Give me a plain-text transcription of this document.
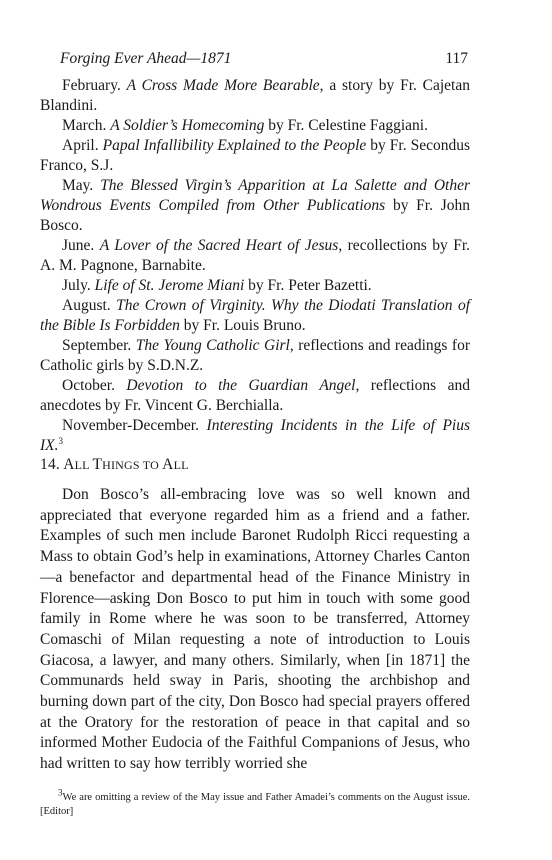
Forging Ever Ahead—1871	117

February. A Cross Made More Bearable, a story by Fr. Cajetan Blandini.

March. A Soldier’s Homecoming by Fr. Celestine Faggiani.

April. Papal Infallibility Explained to the People by Fr. Secondus Franco, S.J.

May. The Blessed Virgin’s Apparition at La Salette and Other Wondrous Events Compiled from Other Publications by Fr. John Bosco.

June. A Lover of the Sacred Heart of Jesus, recollections by Fr. A. M. Pagnone, Barnabite.

July. Life of St. Jerome Miani by Fr. Peter Bazetti.

August. The Crown of Virginity. Why the Diodati Translation of the Bible Is Forbidden by Fr. Louis Bruno.

September. The Young Catholic Girl, reflections and readings for Catholic girls by S.D.N.Z.

October. Devotion to the Guardian Angel, reflections and anecdotes by Fr. Vincent G. Berchialla.

November-December. Interesting Incidents in the Life of Pius IX.$^3$

14. ALL THINGS TO ALL

Don Bosco’s all-embracing love was so well known and appreciated that everyone regarded him as a friend and a father. Examples of such men include Baronet Rudolph Ricci requesting a Mass to obtain God’s help in examinations, Attorney Charles Canton—a benefactor and departmental head of the Finance Ministry in Florence—asking Don Bosco to put him in touch with some good family in Rome where he was soon to be transferred, Attorney Comaschi of Milan requesting a note of introduction to Louis Giacosa, a lawyer, and many others. Similarly, when [in 1871] the Communards held sway in Paris, shooting the archbishop and burning down part of the city, Don Bosco had special prayers offered at the Oratory for the restoration of peace in that capital and so informed Mother Eudocia of the Faithful Companions of Jesus, who had written to say how terribly worried she

$^3$We are omitting a review of the May issue and Father Amadei’s comments on the August issue. [Editor]
